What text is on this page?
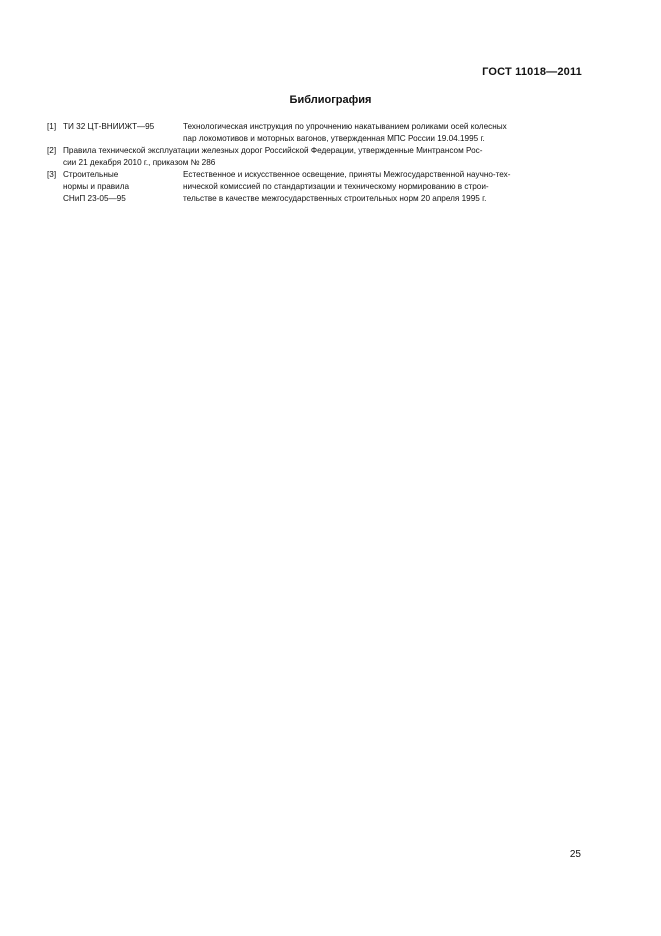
ГОСТ 11018—2011
Библиография
[1] ТИ 32 ЦТ-ВНИИЖТ—95	Технологическая инструкция по упрочнению накатыванием роликами осей колесных
пар локомотивов и моторных вагонов, утвержденная МПС России 19.04.1995 г.
[2] Правила технической эксплуатации железных дорог Российской Федерации, утвержденные Минтрансом Рос-
сии 21 декабря 2010 г., приказом № 286
[3] Строительные
нормы и правила
СНиП 23-05—95
Естественное и искусственное освещение, приняты Межгосударственной научно-тех-
нической комиссией по стандартизации и техническому нормированию в строи-
тельстве в качестве межгосударственных строительных норм 20 апреля 1995 г.
25
